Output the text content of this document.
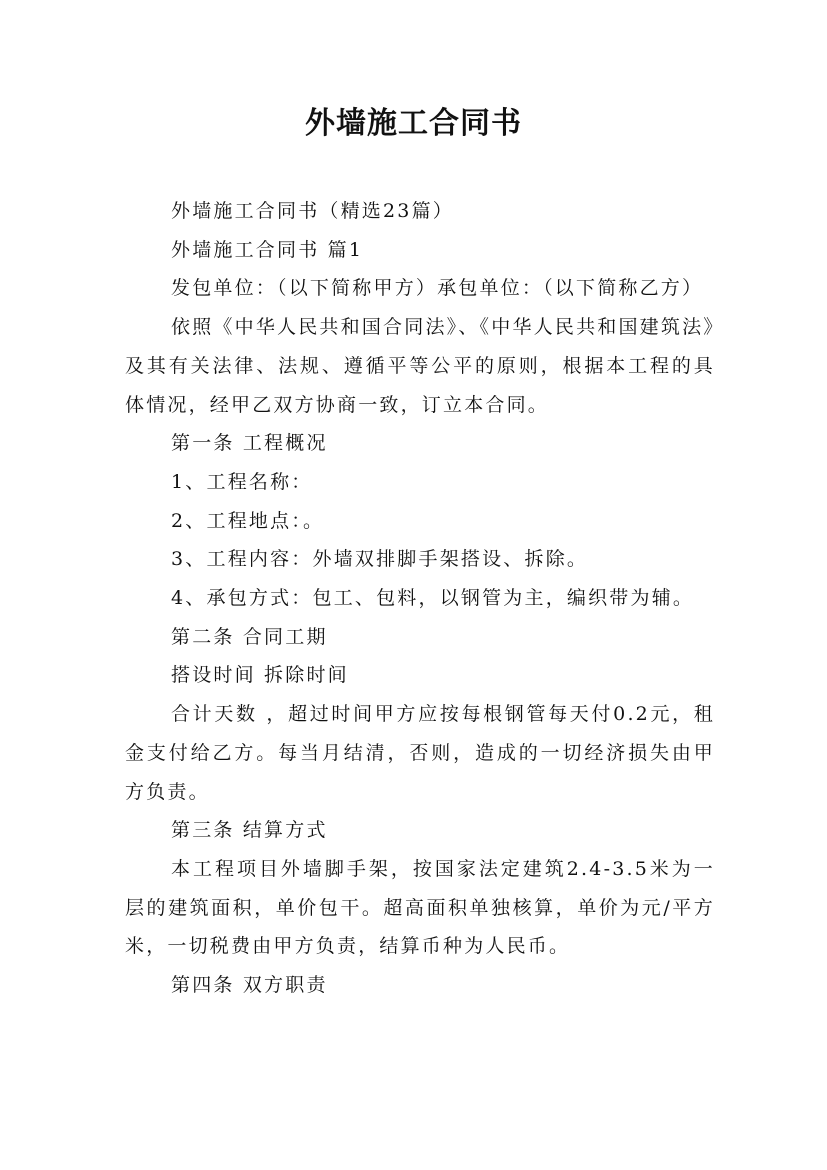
外墙施工合同书

外墙施工合同书（精选23篇）

外墙施工合同书 篇1

发包单位：（以下简称甲方）承包单位：（以下简称乙方）

依照《中华人民共和国合同法》、《中华人民共和国建筑法》及其有关法律、法规、遵循平等公平的原则，根据本工程的具体情况，经甲乙双方协商一致，订立本合同。

第一条 工程概况

1、工程名称：

2、工程地点：。

3、工程内容：外墙双排脚手架搭设、拆除。

4、承包方式：包工、包料，以钢管为主，编织带为辅。

第二条 合同工期

搭设时间 拆除时间

合计天数 ，超过时间甲方应按每根钢管每天付0.2元，租金支付给乙方。每当月结清，否则，造成的一切经济损失由甲方负责。

第三条 结算方式

本工程项目外墙脚手架，按国家法定建筑2.4-3.5米为一层的建筑面积，单价包干。超高面积单独核算，单价为元/平方米，一切税费由甲方负责，结算币种为人民币。

第四条 双方职责
